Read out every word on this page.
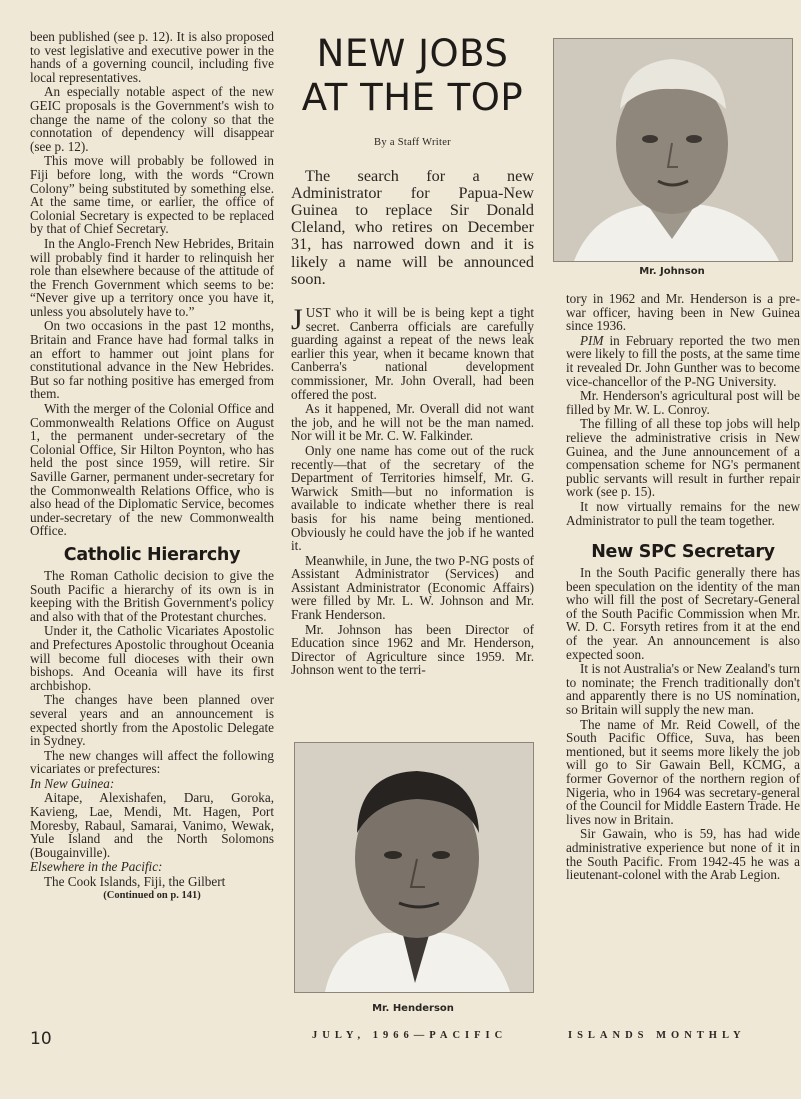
been published (see p. 12). It is also proposed to vest legislative and executive power in the hands of a governing council, including five local representatives.

An especially notable aspect of the new GEIC proposals is the Government's wish to change the name of the colony so that the connotation of dependency will disappear (see p. 12).

This move will probably be followed in Fiji before long, with the words “Crown Colony” being substituted by something else. At the same time, or earlier, the office of Colonial Secretary is expected to be replaced by that of Chief Secretary.

In the Anglo-French New Hebrides, Britain will probably find it harder to relinquish her role than elsewhere because of the attitude of the French Government which seems to be: “Never give up a territory once you have it, unless you absolutely have to.”

On two occasions in the past 12 months, Britain and France have had formal talks in an effort to hammer out joint plans for constitutional advance in the New Hebrides. But so far nothing positive has emerged from them.

With the merger of the Colonial Office and Commonwealth Relations Office on August 1, the permanent under-secretary of the Colonial Office, Sir Hilton Poynton, who has held the post since 1959, will retire. Sir Saville Garner, permanent under-secretary for the Commonwealth Relations Office, who is also head of the Diplomatic Service, becomes under-secretary of the new Commonwealth Office.

Catholic Hierarchy

The Roman Catholic decision to give the South Pacific a hierarchy of its own is in keeping with the British Government's policy and also with that of the Protestant churches.

Under it, the Catholic Vicariates Apostolic and Prefectures Apostolic throughout Oceania will become full dioceses with their own bishops. And Oceania will have its first archbishop.

The changes have been planned over several years and an announcement is expected shortly from the Apostolic Delegate in Sydney.

The new changes will affect the following vicariates or prefectures:

In New Guinea:

Aitape, Alexishafen, Daru, Goroka, Kavieng, Lae, Mendi, Mt. Hagen, Port Moresby, Rabaul, Samarai, Vanimo, Wewak, Yule Island and the North Solomons (Bougainville).

Elsewhere in the Pacific:

The Cook Islands, Fiji, the Gilbert

(Continued on p. 141)
NEW JOBS AT THE TOP
By a Staff Writer
The search for a new Administrator for Papua-New Guinea to replace Sir Donald Cleland, who retires on December 31, has narrowed down and it is likely a name will be announced soon.

JUST who it will be is being kept a tight secret. Canberra officials are carefully guarding against a repeat of the news leak earlier this year, when it became known that Canberra's national development commissioner, Mr. John Overall, had been offered the post.

As it happened, Mr. Overall did not want the job, and he will not be the man named. Nor will it be Mr. C. W. Falkinder.

Only one name has come out of the ruck recently—that of the secretary of the Department of Territories himself, Mr. G. Warwick Smith—but no information is available to indicate whether there is real basis for his name being mentioned. Obviously he could have the job if he wanted it.

Meanwhile, in June, the two P-NG posts of Assistant Administrator (Services) and Assistant Administrator (Economic Affairs) were filled by Mr. L. W. Johnson and Mr. Frank Henderson.

Mr. Johnson has been Director of Education since 1962 and Mr. Henderson, Director of Agriculture since 1959. Mr. Johnson went to the terri-

tory in 1962 and Mr. Henderson is a pre-war officer, having been in New Guinea since 1936.

PIM in February reported the two men were likely to fill the posts, at the same time it revealed Dr. John Gunther was to become vice-chancellor of the P-NG University.

Mr. Henderson's agricultural post will be filled by Mr. W. L. Conroy.

The filling of all these top jobs will help relieve the administrative crisis in New Guinea, and the June announcement of a compensation scheme for NG's permanent public servants will result in further repair work (see p. 15).

It now virtually remains for the new Administrator to pull the team together.

New SPC Secretary

In the South Pacific generally there has been speculation on the identity of the man who will fill the post of Secretary-General of the South Pacific Commission when Mr. W. D. C. Forsyth retires from it at the end of the year. An announcement is also expected soon.

It is not Australia's or New Zealand's turn to nominate; the French traditionally don't and apparently there is no US nomination, so Britain will supply the new man.

The name of Mr. Reid Cowell, of the South Pacific Office, Suva, has been mentioned, but it seems more likely the job will go to Sir Gawain Bell, KCMG, a former Governor of the northern region of Nigeria, who in 1964 was secretary-general of the Council for Middle Eastern Trade. He lives now in Britain.

Sir Gawain, who is 59, has had wide administrative experience but none of it in the South Pacific. From 1942-45 he was a lieutenant-colonel with the Arab Legion.

Mr. Johnson
Mr. Henderson
10	JULY, 1966—PACIFIC	ISLANDS MONTHLY
